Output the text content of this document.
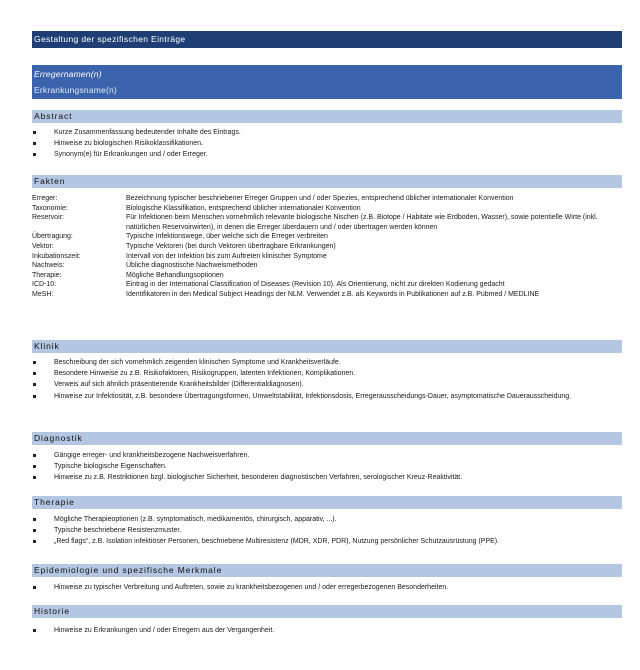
Gestaltung der spezifischen Einträge
Erregernamen(n)
Erkrankungsname(n)
Abstract
Kurze Zusammenfassung bedeutender Inhalte des Eintrags.
Hinweise zu biologischen Risikoklassifikationen.
Synonym(e) für Erkrankungen und / oder Erreger.
Fakten
Erreger:	Bezeichnung typischer beschriebener Erreger Gruppen und / oder Spezies, entsprechend üblicher internationaler Konvention
Taxonomie:	Biologische Klassifikation, entsprechend üblicher internationaler Konvention
Reservoir:	Für Infektionen beim Menschen vornehmlich relevante biologische Nischen (z.B. Biotope / Habitate wie Erdboden, Wasser), sowie potentielle Wirte (inkl. natürlichen Reservoirwirten), in denen die Erreger überdauern und / oder übertragen werden können
Übertragung:	Typische Infektionswege, über welche sich die Erreger verbreiten
Vektor:	Typische Vektoren (bei durch Vektoren übertragbare Erkrankungen)
Inkubationszeit:	Intervall von der Infektion bis zum Auftreten klinischer Symptome
Nachweis:	Übliche diagnostische Nachweismethoden
Therapie:	Mögliche Behandlungsoptionen
ICD-10:	Eintrag in der International Classification of Diseases (Revision 10). Als Orientierung, nicht zur direkten Kodierung gedacht
MeSH:	Identifikatoren in den Medical Subject Headings der NLM. Verwendet z.B. als Keywords in Publikationen auf z.B. Pubmed / MEDLINE
Klinik
Beschreibung der sich vornehmlich zeigenden klinischen Symptome und Krankheitsverläufe.
Besondere Hinweise zu z.B. Risikofaktoren, Risikogruppen, latenten Infektionen, Komplikationen.
Verweis auf sich ähnlich präsentierende Krankheitsbilder (Differentialdiagnosen).
Hinweise zur Infektiosität, z.B. besondere Übertragungsformen, Umweltstabilität, Infektionsdosis, Erregerausscheidungs-Dauer, asymptomatische Dauerausscheidung.
Diagnostik
Gängige erreger- und krankheitsbezogene Nachweisverfahren.
Typische biologische Eigenschaften.
Hinweise zu z.B. Restriktionen bzgl. biologischer Sicherheit, besonderen diagnostischen Verfahren, serologischer Kreuz-Reaktivität.
Therapie
Mögliche Therapieoptionen (z.B. symptomatisch, medikamentös, chirurgisch, apparativ, ...).
Typische beschriebene Resistenzmuster.
„Red flags“, z.B. Isolation infektiöser Personen, beschriebene Multiresistenz (MDR, XDR, PDR), Nutzung persönlicher Schutzausrüstung (PPE).
Epidemiologie und spezifische Merkmale
Hinweise zu typischer Verbreitung und Auftreten, sowie zu krankheitsbezogenen und / oder erregerbezogenen Besonderheiten.
Historie
Hinweise zu Erkrankungen und / oder Erregern aus der Vergangenheit.
